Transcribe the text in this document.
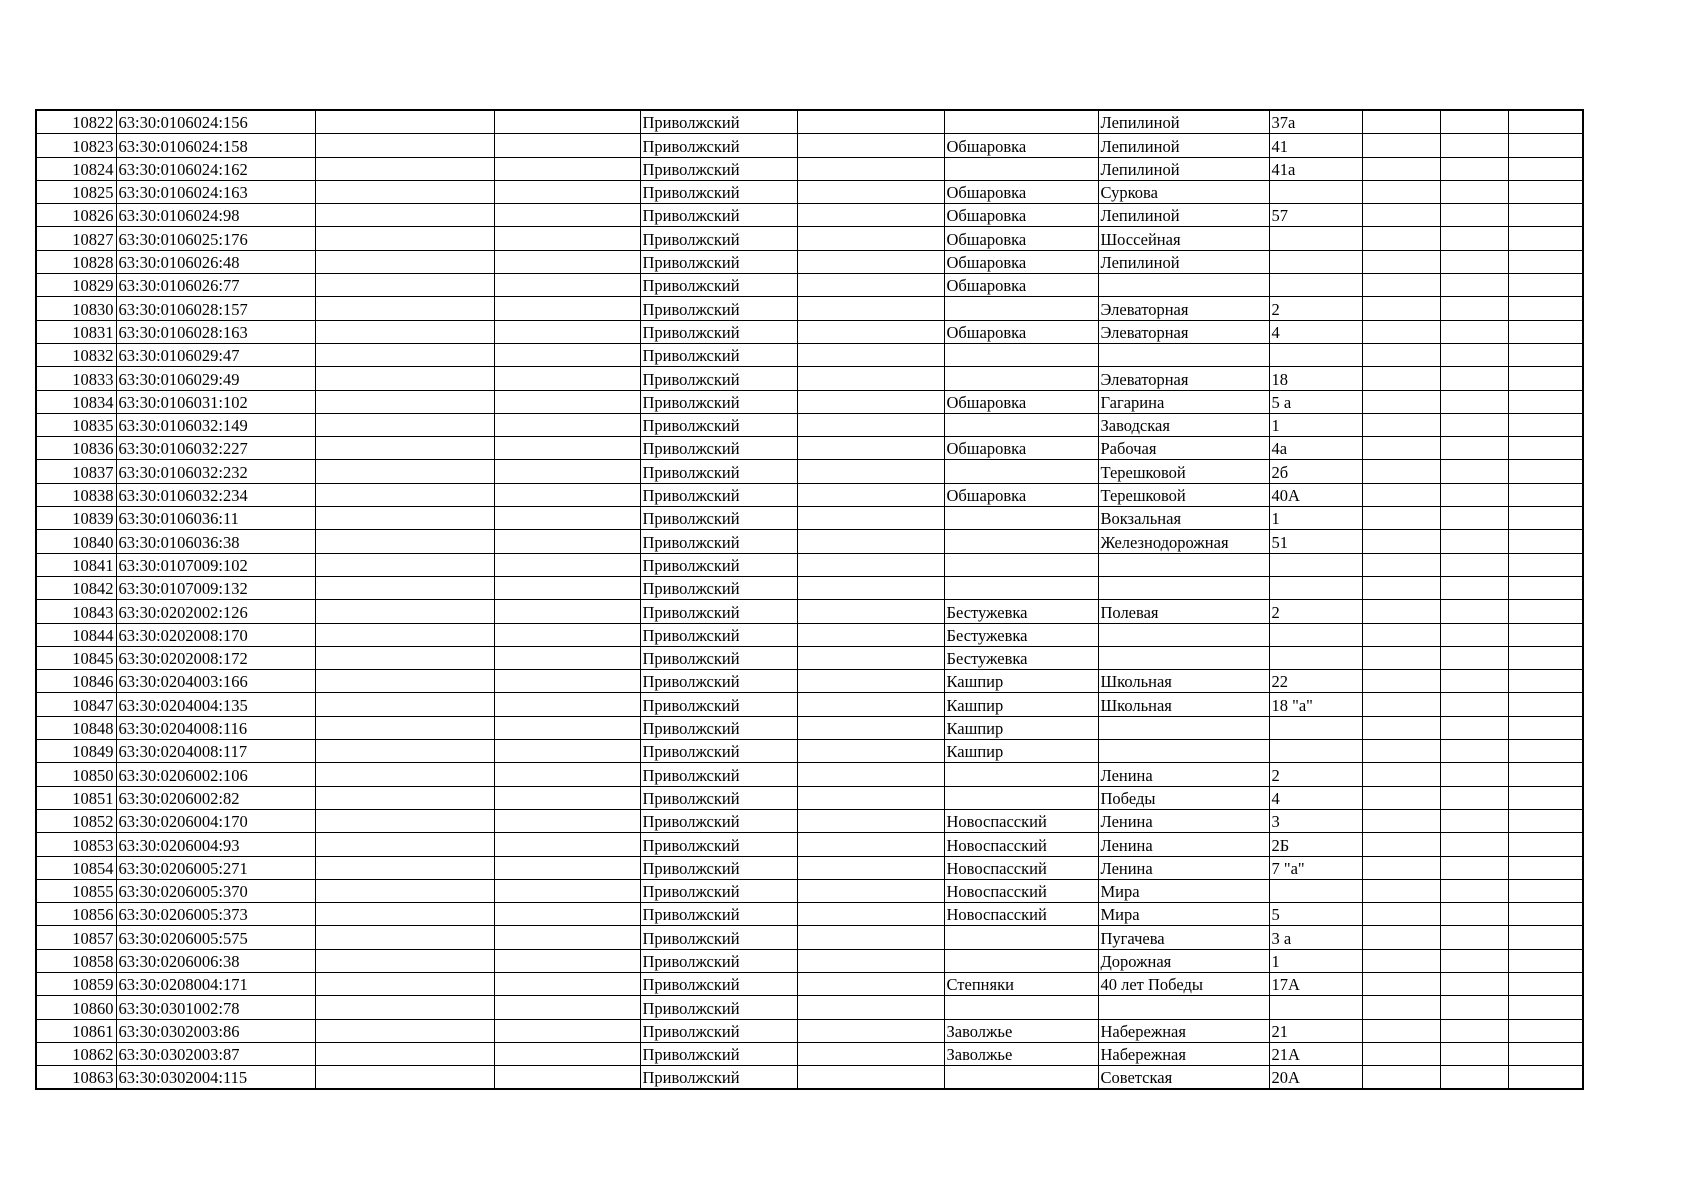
10822	63:30:0106024:156			Приволжский			Лепилиной	37а			
10823	63:30:0106024:158			Приволжский		Обшаровка	Лепилиной	41			
10824	63:30:0106024:162			Приволжский			Лепилиной	41а			
10825	63:30:0106024:163			Приволжский		Обшаровка	Суркова				
10826	63:30:0106024:98			Приволжский		Обшаровка	Лепилиной	57			
10827	63:30:0106025:176			Приволжский		Обшаровка	Шоссейная				
10828	63:30:0106026:48			Приволжский		Обшаровка	Лепилиной				
10829	63:30:0106026:77			Приволжский		Обшаровка					
10830	63:30:0106028:157			Приволжский			Элеваторная	2			
10831	63:30:0106028:163			Приволжский		Обшаровка	Элеваторная	4			
10832	63:30:0106029:47			Приволжский							
10833	63:30:0106029:49			Приволжский			Элеваторная	18			
10834	63:30:0106031:102			Приволжский		Обшаровка	Гагарина	5 а			
10835	63:30:0106032:149			Приволжский			Заводская	1			
10836	63:30:0106032:227			Приволжский		Обшаровка	Рабочая	4а			
10837	63:30:0106032:232			Приволжский			Терешковой	2б			
10838	63:30:0106032:234			Приволжский		Обшаровка	Терешковой	40А			
10839	63:30:0106036:11			Приволжский			Вокзальная	1			
10840	63:30:0106036:38			Приволжский			Железнодорожная	51			
10841	63:30:0107009:102			Приволжский							
10842	63:30:0107009:132			Приволжский							
10843	63:30:0202002:126			Приволжский		Бестужевка	Полевая	2			
10844	63:30:0202008:170			Приволжский		Бестужевка					
10845	63:30:0202008:172			Приволжский		Бестужевка					
10846	63:30:0204003:166			Приволжский		Кашпир	Школьная	22			
10847	63:30:0204004:135			Приволжский		Кашпир	Школьная	18 "а"			
10848	63:30:0204008:116			Приволжский		Кашпир					
10849	63:30:0204008:117			Приволжский		Кашпир					
10850	63:30:0206002:106			Приволжский			Ленина	2			
10851	63:30:0206002:82			Приволжский			Победы	4			
10852	63:30:0206004:170			Приволжский		Новоспасский	Ленина	3			
10853	63:30:0206004:93			Приволжский		Новоспасский	Ленина	2Б			
10854	63:30:0206005:271			Приволжский		Новоспасский	Ленина	7 "а"			
10855	63:30:0206005:370			Приволжский		Новоспасский	Мира				
10856	63:30:0206005:373			Приволжский		Новоспасский	Мира	5			
10857	63:30:0206005:575			Приволжский			Пугачева	3 а			
10858	63:30:0206006:38			Приволжский			Дорожная	1			
10859	63:30:0208004:171			Приволжский		Степняки	40 лет Победы	17А			
10860	63:30:0301002:78			Приволжский							
10861	63:30:0302003:86			Приволжский		Заволжье	Набережная	21			
10862	63:30:0302003:87			Приволжский		Заволжье	Набережная	21А			
10863	63:30:0302004:115			Приволжский			Советская	20А			
